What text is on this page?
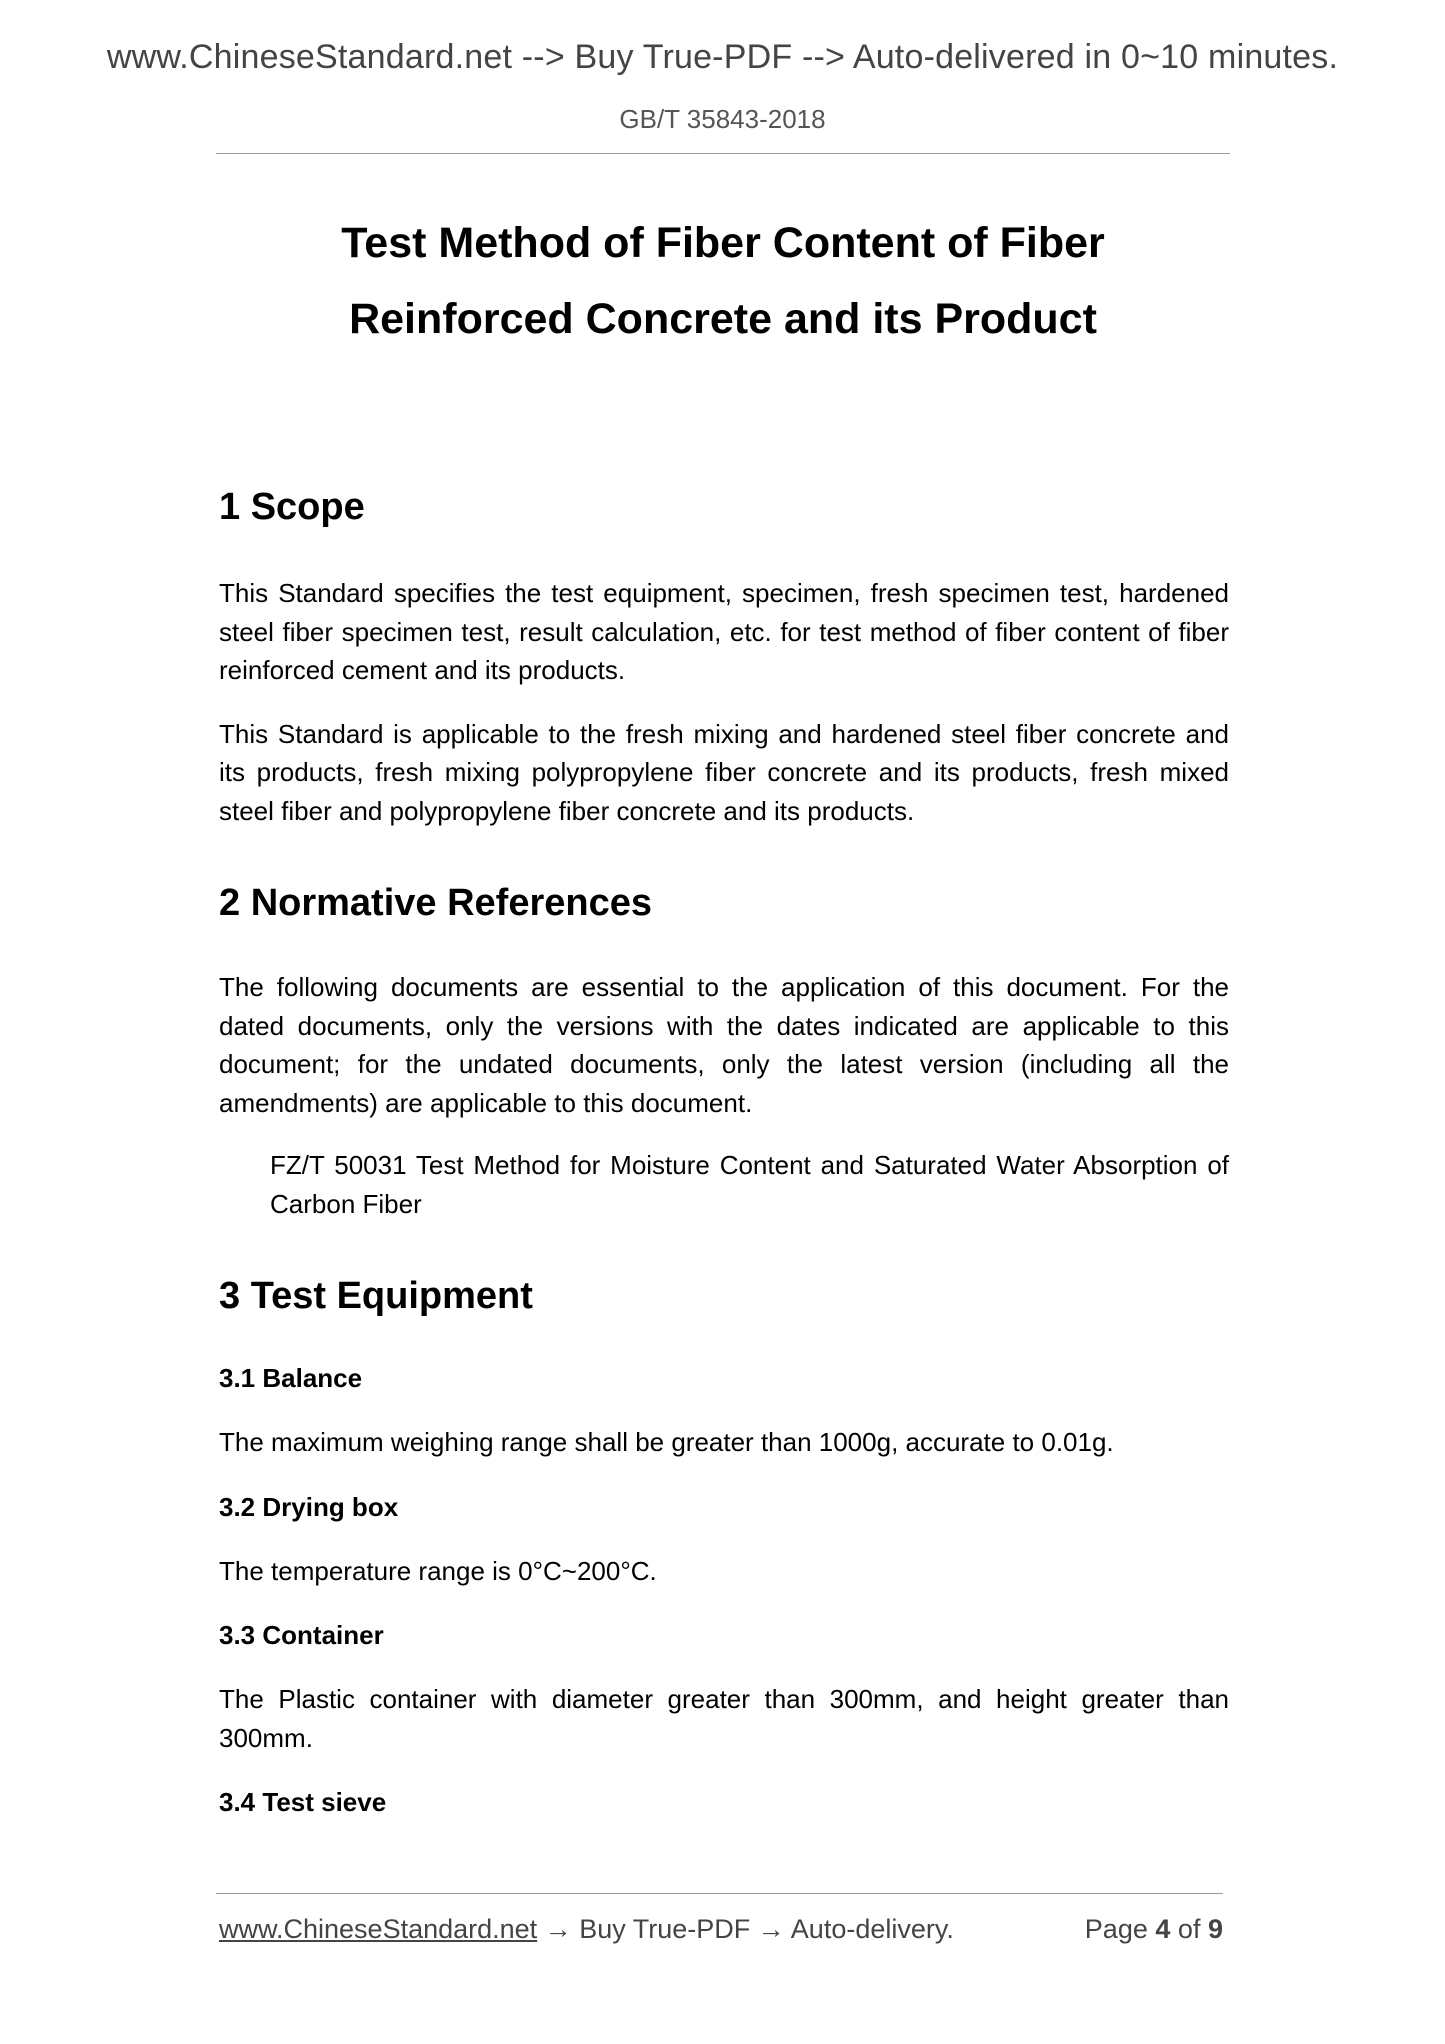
www.ChineseStandard.net --> Buy True-PDF --> Auto-delivered in 0~10 minutes.
GB/T 35843-2018
Test Method of Fiber Content of Fiber
Reinforced Concrete and its Product
1 Scope

This Standard specifies the test equipment, specimen, fresh specimen test, hardened steel fiber specimen test, result calculation, etc. for test method of fiber content of fiber reinforced cement and its products.

This Standard is applicable to the fresh mixing and hardened steel fiber concrete and its products, fresh mixing polypropylene fiber concrete and its products, fresh mixed steel fiber and polypropylene fiber concrete and its products.

2 Normative References

The following documents are essential to the application of this document. For the dated documents, only the versions with the dates indicated are applicable to this document; for the undated documents, only the latest version (including all the amendments) are applicable to this document.

FZ/T 50031 Test Method for Moisture Content and Saturated Water Absorption of Carbon Fiber

3 Test Equipment
3.1 Balance

The maximum weighing range shall be greater than 1000g, accurate to 0.01g.

3.2 Drying box

The temperature range is 0°C~200°C.

3.3 Container

The Plastic container with diameter greater than 300mm, and height greater than 300mm.

3.4 Test sieve
www.ChineseStandard.net → Buy True-PDF → Auto-delivery.	Page 4 of 9
